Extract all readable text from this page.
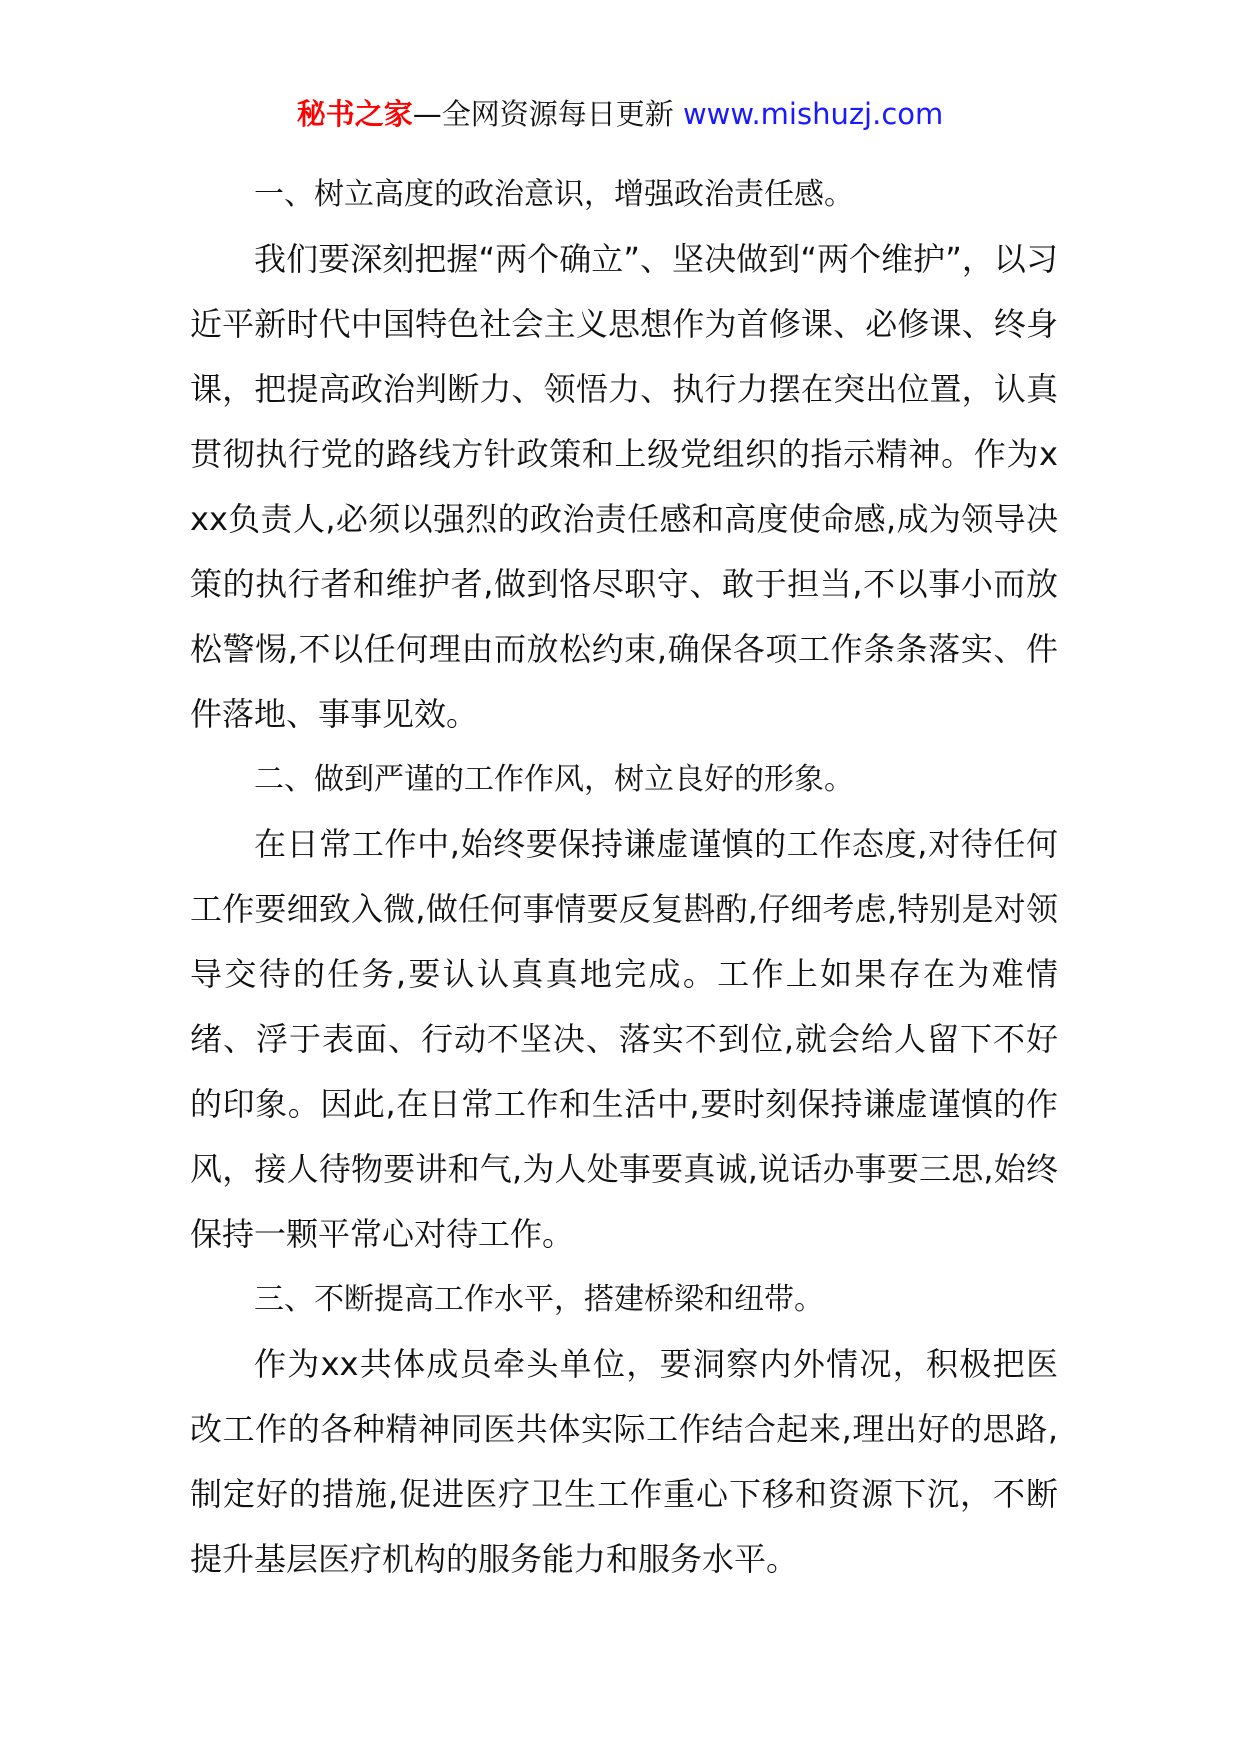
秘书之家—全网资源每日更新 www.mishuzj.com

一、树立高度的政治意识，增强政治责任感。

我们要深刻把握“两个确立”、坚决做到“两个维护”，以习近平新时代中国特色社会主义思想作为首修课、必修课、终身课，把提高政治判断力、领悟力、执行力摆在突出位置，认真贯彻执行党的路线方针政策和上级党组织的指示精神。作为xxx负责人,必须以强烈的政治责任感和高度使命感,成为领导决策的执行者和维护者,做到恪尽职守、敢于担当,不以事小而放松警惕,不以任何理由而放松约束,确保各项工作条条落实、件件落地、事事见效。

二、做到严谨的工作作风，树立良好的形象。

在日常工作中,始终要保持谦虚谨慎的工作态度,对待任何工作要细致入微,做任何事情要反复斟酌,仔细考虑,特别是对领导交待的任务,要认认真真地完成。工作上如果存在为难情绪、浮于表面、行动不坚决、落实不到位,就会给人留下不好的印象。因此,在日常工作和生活中,要时刻保持谦虚谨慎的作风，接人待物要讲和气,为人处事要真诚,说话办事要三思,始终保持一颗平常心对待工作。

三、不断提高工作水平，搭建桥梁和纽带。

作为xx共体成员牵头单位，要洞察内外情况，积极把医改工作的各种精神同医共体实际工作结合起来,理出好的思路,制定好的措施,促进医疗卫生工作重心下移和资源下沉，不断提升基层医疗机构的服务能力和服务水平。
